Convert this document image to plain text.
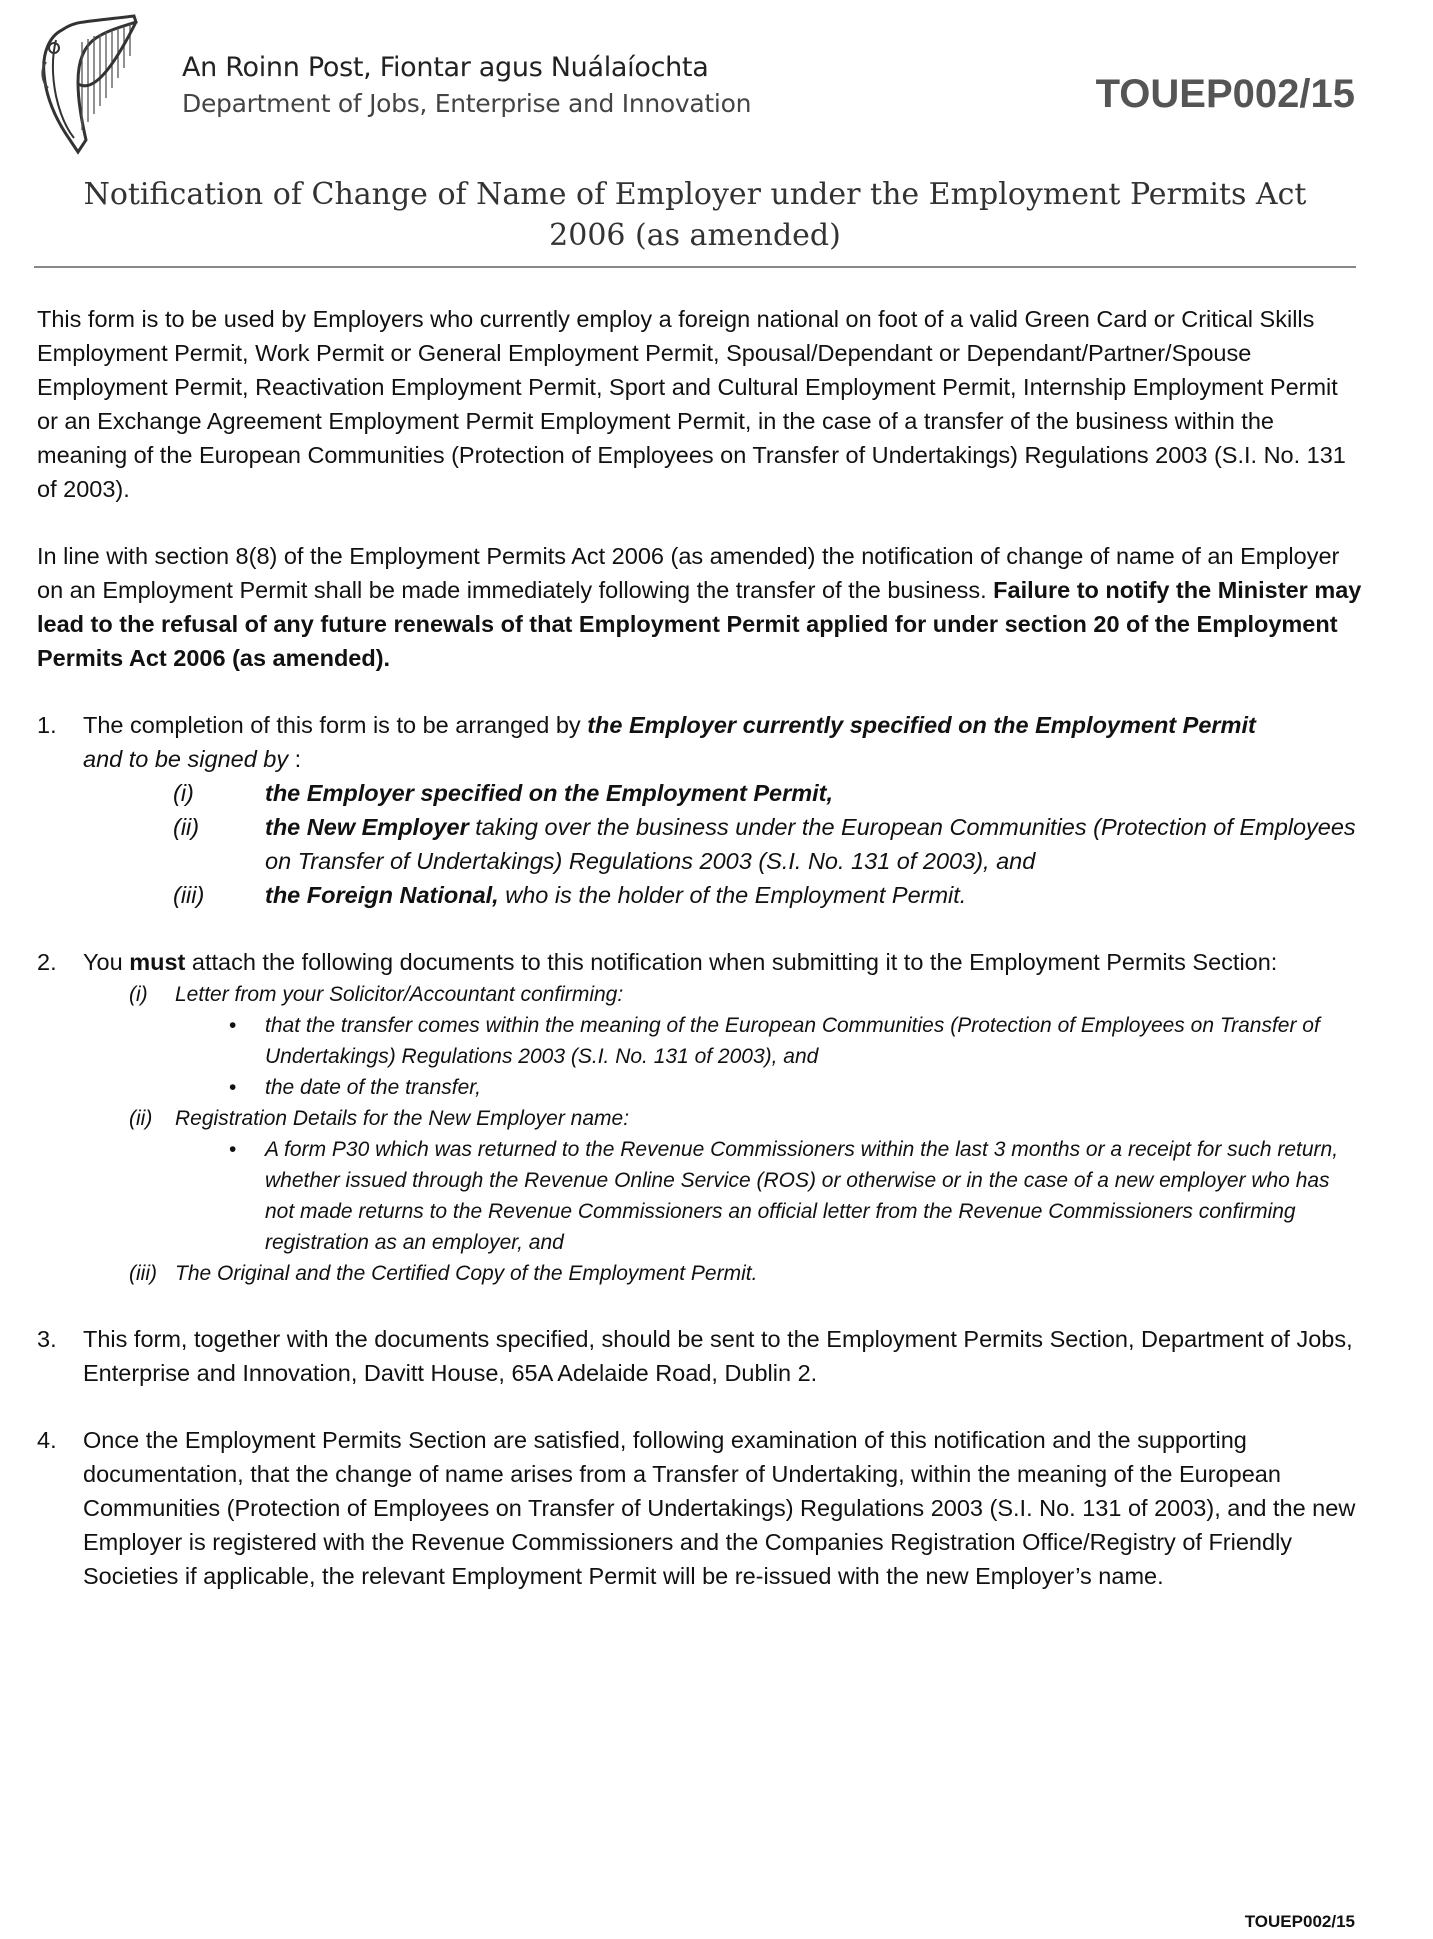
An Roinn Post, Fiontar agus Nuálaíochta
Department of Jobs, Enterprise and Innovation	TOUEP002/15
Notification of Change of Name of Employer under the Employment Permits Act
2006 (as amended)

This form is to be used by Employers who currently employ a foreign national on foot of a valid Green Card or Critical Skills Employment Permit, Work Permit or General Employment Permit, Spousal/Dependant or Dependant/Partner/Spouse Employment Permit, Reactivation Employment Permit, Sport and Cultural Employment Permit, Internship Employment Permit or an Exchange Agreement Employment Permit Employment Permit, in the case of a transfer of the business within the meaning of the European Communities (Protection of Employees on Transfer of Undertakings) Regulations 2003 (S.I. No. 131 of 2003).

In line with section 8(8) of the Employment Permits Act 2006 (as amended) the notification of change of name of an Employer on an Employment Permit shall be made immediately following the transfer of the business. Failure to notify the Minister may lead to the refusal of any future renewals of that Employment Permit applied for under section 20 of the Employment Permits Act 2006 (as amended).

1. The completion of this form is to be arranged by the Employer currently specified on the Employment Permit
and to be signed by :
(i)	the Employer specified on the Employment Permit,
(ii)	the New Employer taking over the business under the European Communities (Protection of Employees on Transfer of Undertakings) Regulations 2003 (S.I. No. 131 of 2003), and
(iii)	the Foreign National, who is the holder of the Employment Permit.
2. You must attach the following documents to this notification when submitting it to the Employment Permits Section:
(i) Letter from your Solicitor/Accountant confirming:
• that the transfer comes within the meaning of the European Communities (Protection of Employees on Transfer of Undertakings) Regulations 2003 (S.I. No. 131 of 2003), and
• the date of the transfer,
(ii) Registration Details for the New Employer name:
• A form P30 which was returned to the Revenue Commissioners within the last 3 months or a receipt for such return, whether issued through the Revenue Online Service (ROS) or otherwise or in the case of a new employer who has not made returns to the Revenue Commissioners an official letter from the Revenue Commissioners confirming registration as an employer, and
(iii) The Original and the Certified Copy of the Employment Permit.
3. This form, together with the documents specified, should be sent to the Employment Permits Section, Department of Jobs, Enterprise and Innovation, Davitt House, 65A Adelaide Road, Dublin 2.
4. Once the Employment Permits Section are satisfied, following examination of this notification and the supporting documentation, that the change of name arises from a Transfer of Undertaking, within the meaning of the European Communities (Protection of Employees on Transfer of Undertakings) Regulations 2003 (S.I. No. 131 of 2003), and the new Employer is registered with the Revenue Commissioners and the Companies Registration Office/Registry of Friendly Societies if applicable, the relevant Employment Permit will be re-issued with the new Employer’s name.
TOUEP002/15
